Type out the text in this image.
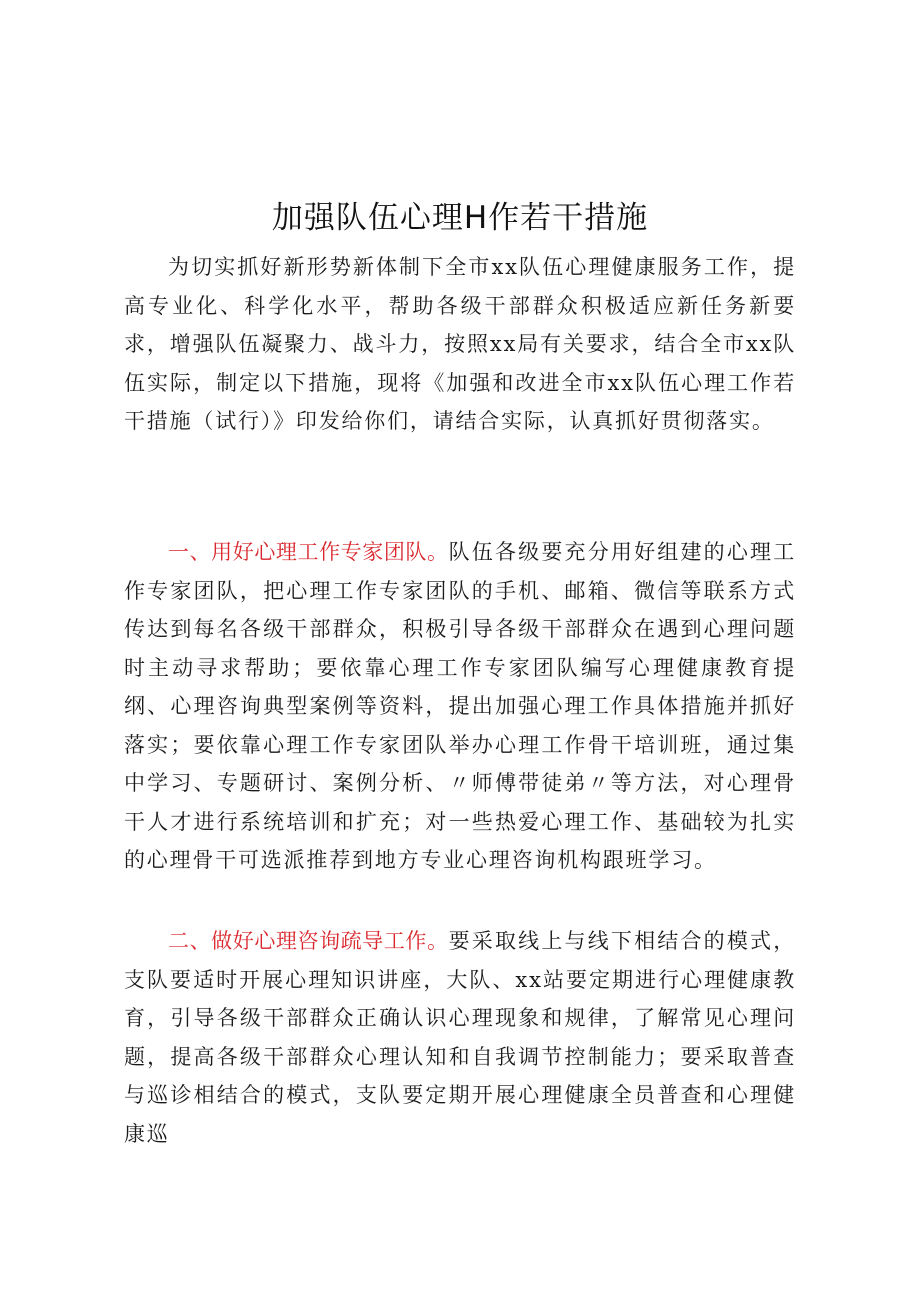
加强队伍心理H作若干措施

为切实抓好新形势新体制下全市xx队伍心理健康服务工作，提高专业化、科学化水平，帮助各级干部群众积极适应新任务新要求，增强队伍凝聚力、战斗力，按照xx局有关要求，结合全市xx队伍实际，制定以下措施，现将《加强和改进全市xx队伍心理工作若干措施（试行）》印发给你们，请结合实际，认真抓好贯彻落实。

一、用好心理工作专家团队。队伍各级要充分用好组建的心理工作专家团队，把心理工作专家团队的手机、邮箱、微信等联系方式传达到每名各级干部群众，积极引导各级干部群众在遇到心理问题时主动寻求帮助；要依靠心理工作专家团队编写心理健康教育提纲、心理咨询典型案例等资料，提出加强心理工作具体措施并抓好落实；要依靠心理工作专家团队举办心理工作骨干培训班，通过集中学习、专题研讨、案例分析、〃师傅带徒弟〃等方法，对心理骨干人才进行系统培训和扩充；对一些热爱心理工作、基础较为扎实的心理骨干可选派推荐到地方专业心理咨询机构跟班学习。

二、做好心理咨询疏导工作。要采取线上与线下相结合的模式，支队要适时开展心理知识讲座，大队、xx站要定期进行心理健康教育，引导各级干部群众正确认识心理现象和规律，了解常见心理问题，提高各级干部群众心理认知和自我调节控制能力；要采取普查与巡诊相结合的模式，支队要定期开展心理健康全员普查和心理健康巡
